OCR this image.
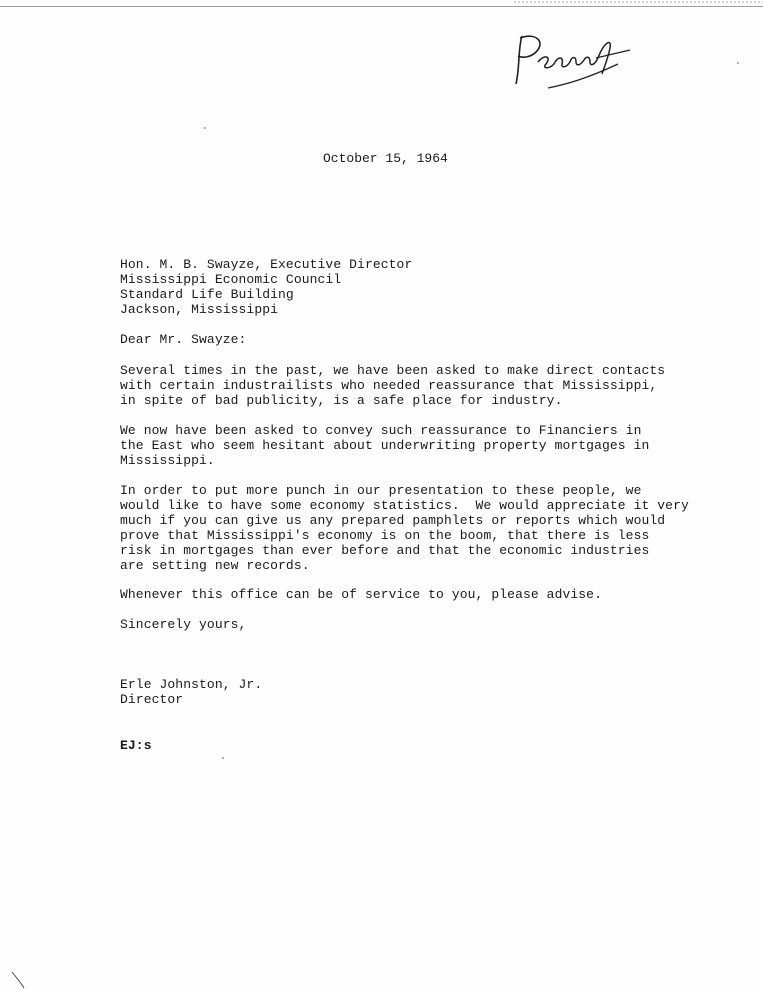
Pecun
October 15, 1964
Hon. M. B. Swayze, Executive Director
Mississippi Economic Council
Standard Life Building
Jackson, Mississippi
Dear Mr. Swayze:
Several times in the past, we have been asked to make direct contacts
with certain industrailists who needed reassurance that Mississippi,
in spite of bad publicity, is a safe place for industry.
We now have been asked to convey such reassurance to Financiers in
the East who seem hesitant about underwriting property mortgages in
Mississippi.
In order to put more punch in our presentation to these people, we
would like to have some economy statistics.  We would appreciate it very
much if you can give us any prepared pamphlets or reports which would
prove that Mississippi's economy is on the boom, that there is less
risk in mortgages than ever before and that the economic industries
are setting new records.
Whenever this office can be of service to you, please advise.
Sincerely yours,
Erle Johnston, Jr.
Director
EJ:s
